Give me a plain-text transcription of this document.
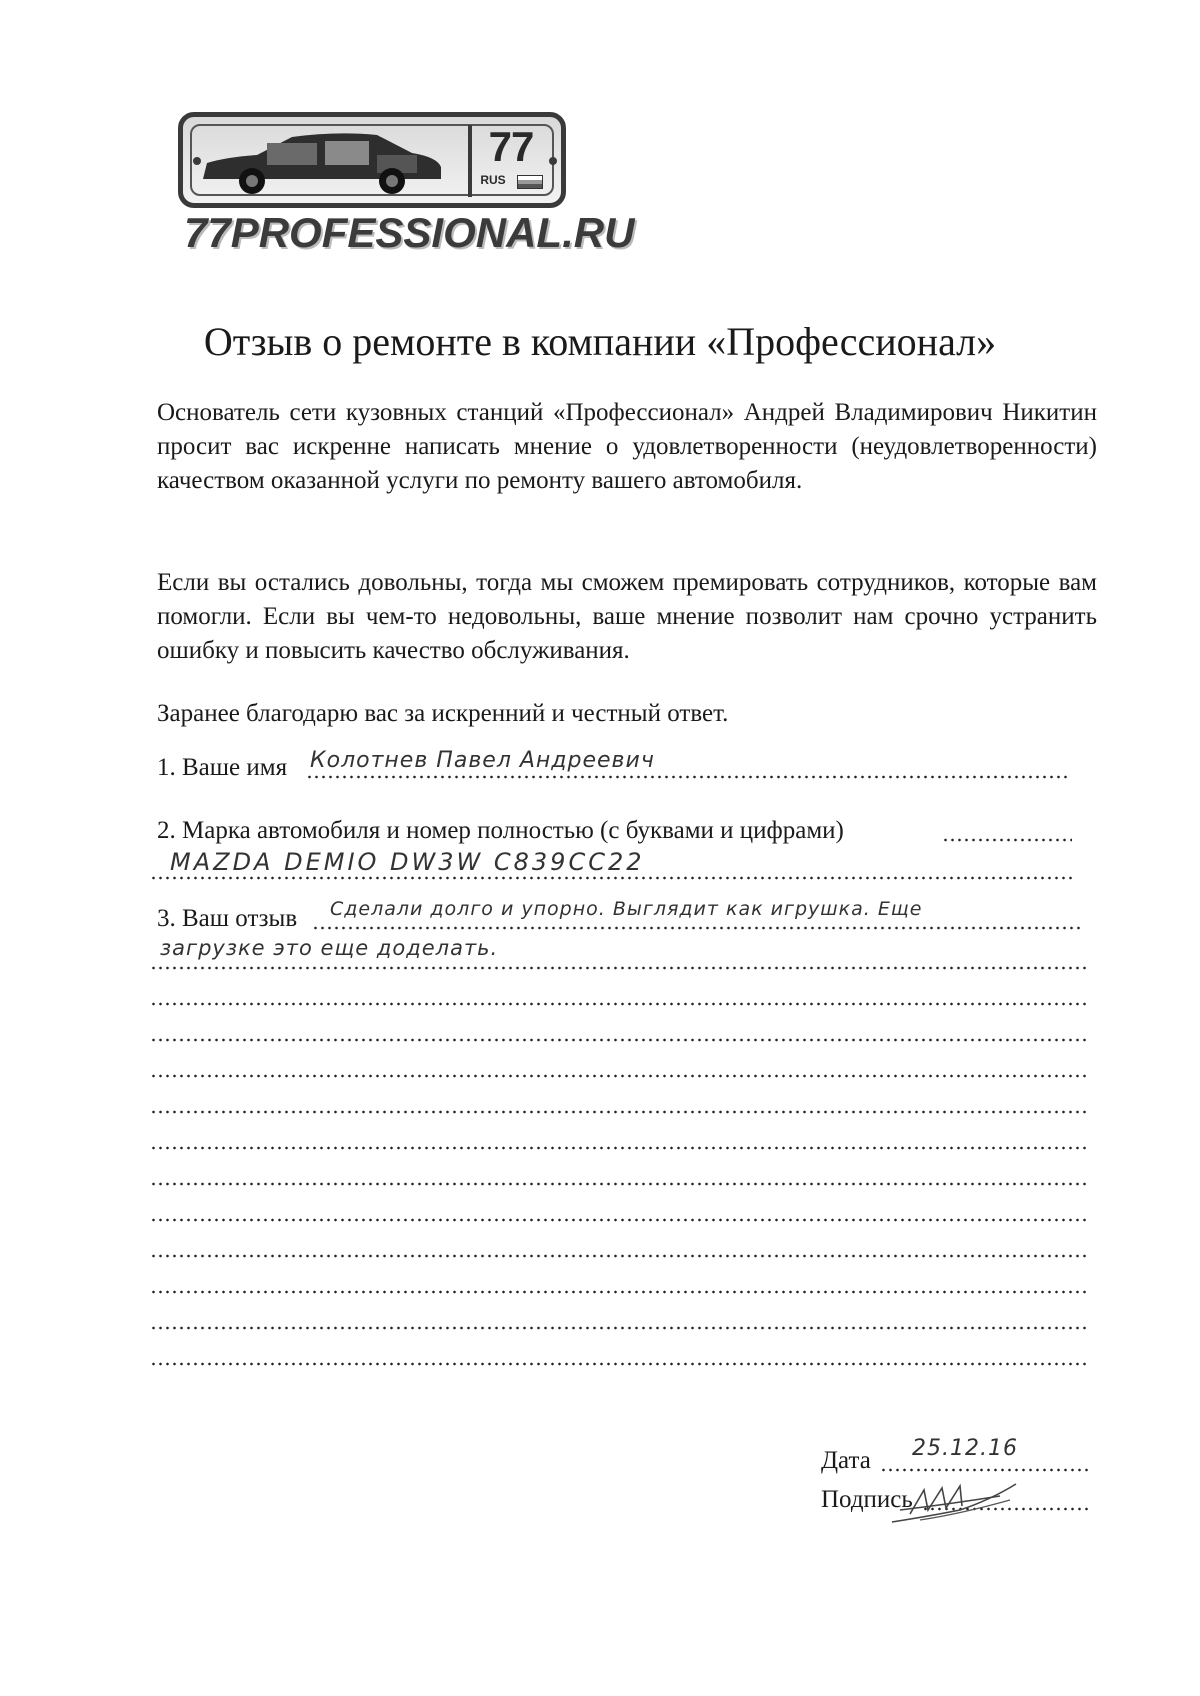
77
RUS
77PROFESSIONAL.RU
Отзыв о ремонте в компании «Профессионал»

Основатель сети кузовных станций «Профессионал» Андрей Владимирович Никитин просит вас искренне написать мнение о удовлетворенности (неудовлетворенности) качеством оказанной услуги по ремонту вашего автомобиля.

Если вы остались довольны, тогда мы сможем премировать сотрудников, которые вам помогли. Если вы чем-то недовольны, ваше мнение позволит нам срочно устранить ошибку и повысить качество обслуживания.

Заранее благодарю вас за искренний и честный ответ.

1. Ваше имя Колотнев Павел Андреевич
2. Марка автомобиля и номер полностью (с буквами и цифрами)
MAZDA DEMIO DW3W C839CC22
3. Ваш отзыв Сделали долго и упорно. Выглядит как игрушка. Еще
загрузке это еще доделать.
Дата 25.12.16
Подпись
